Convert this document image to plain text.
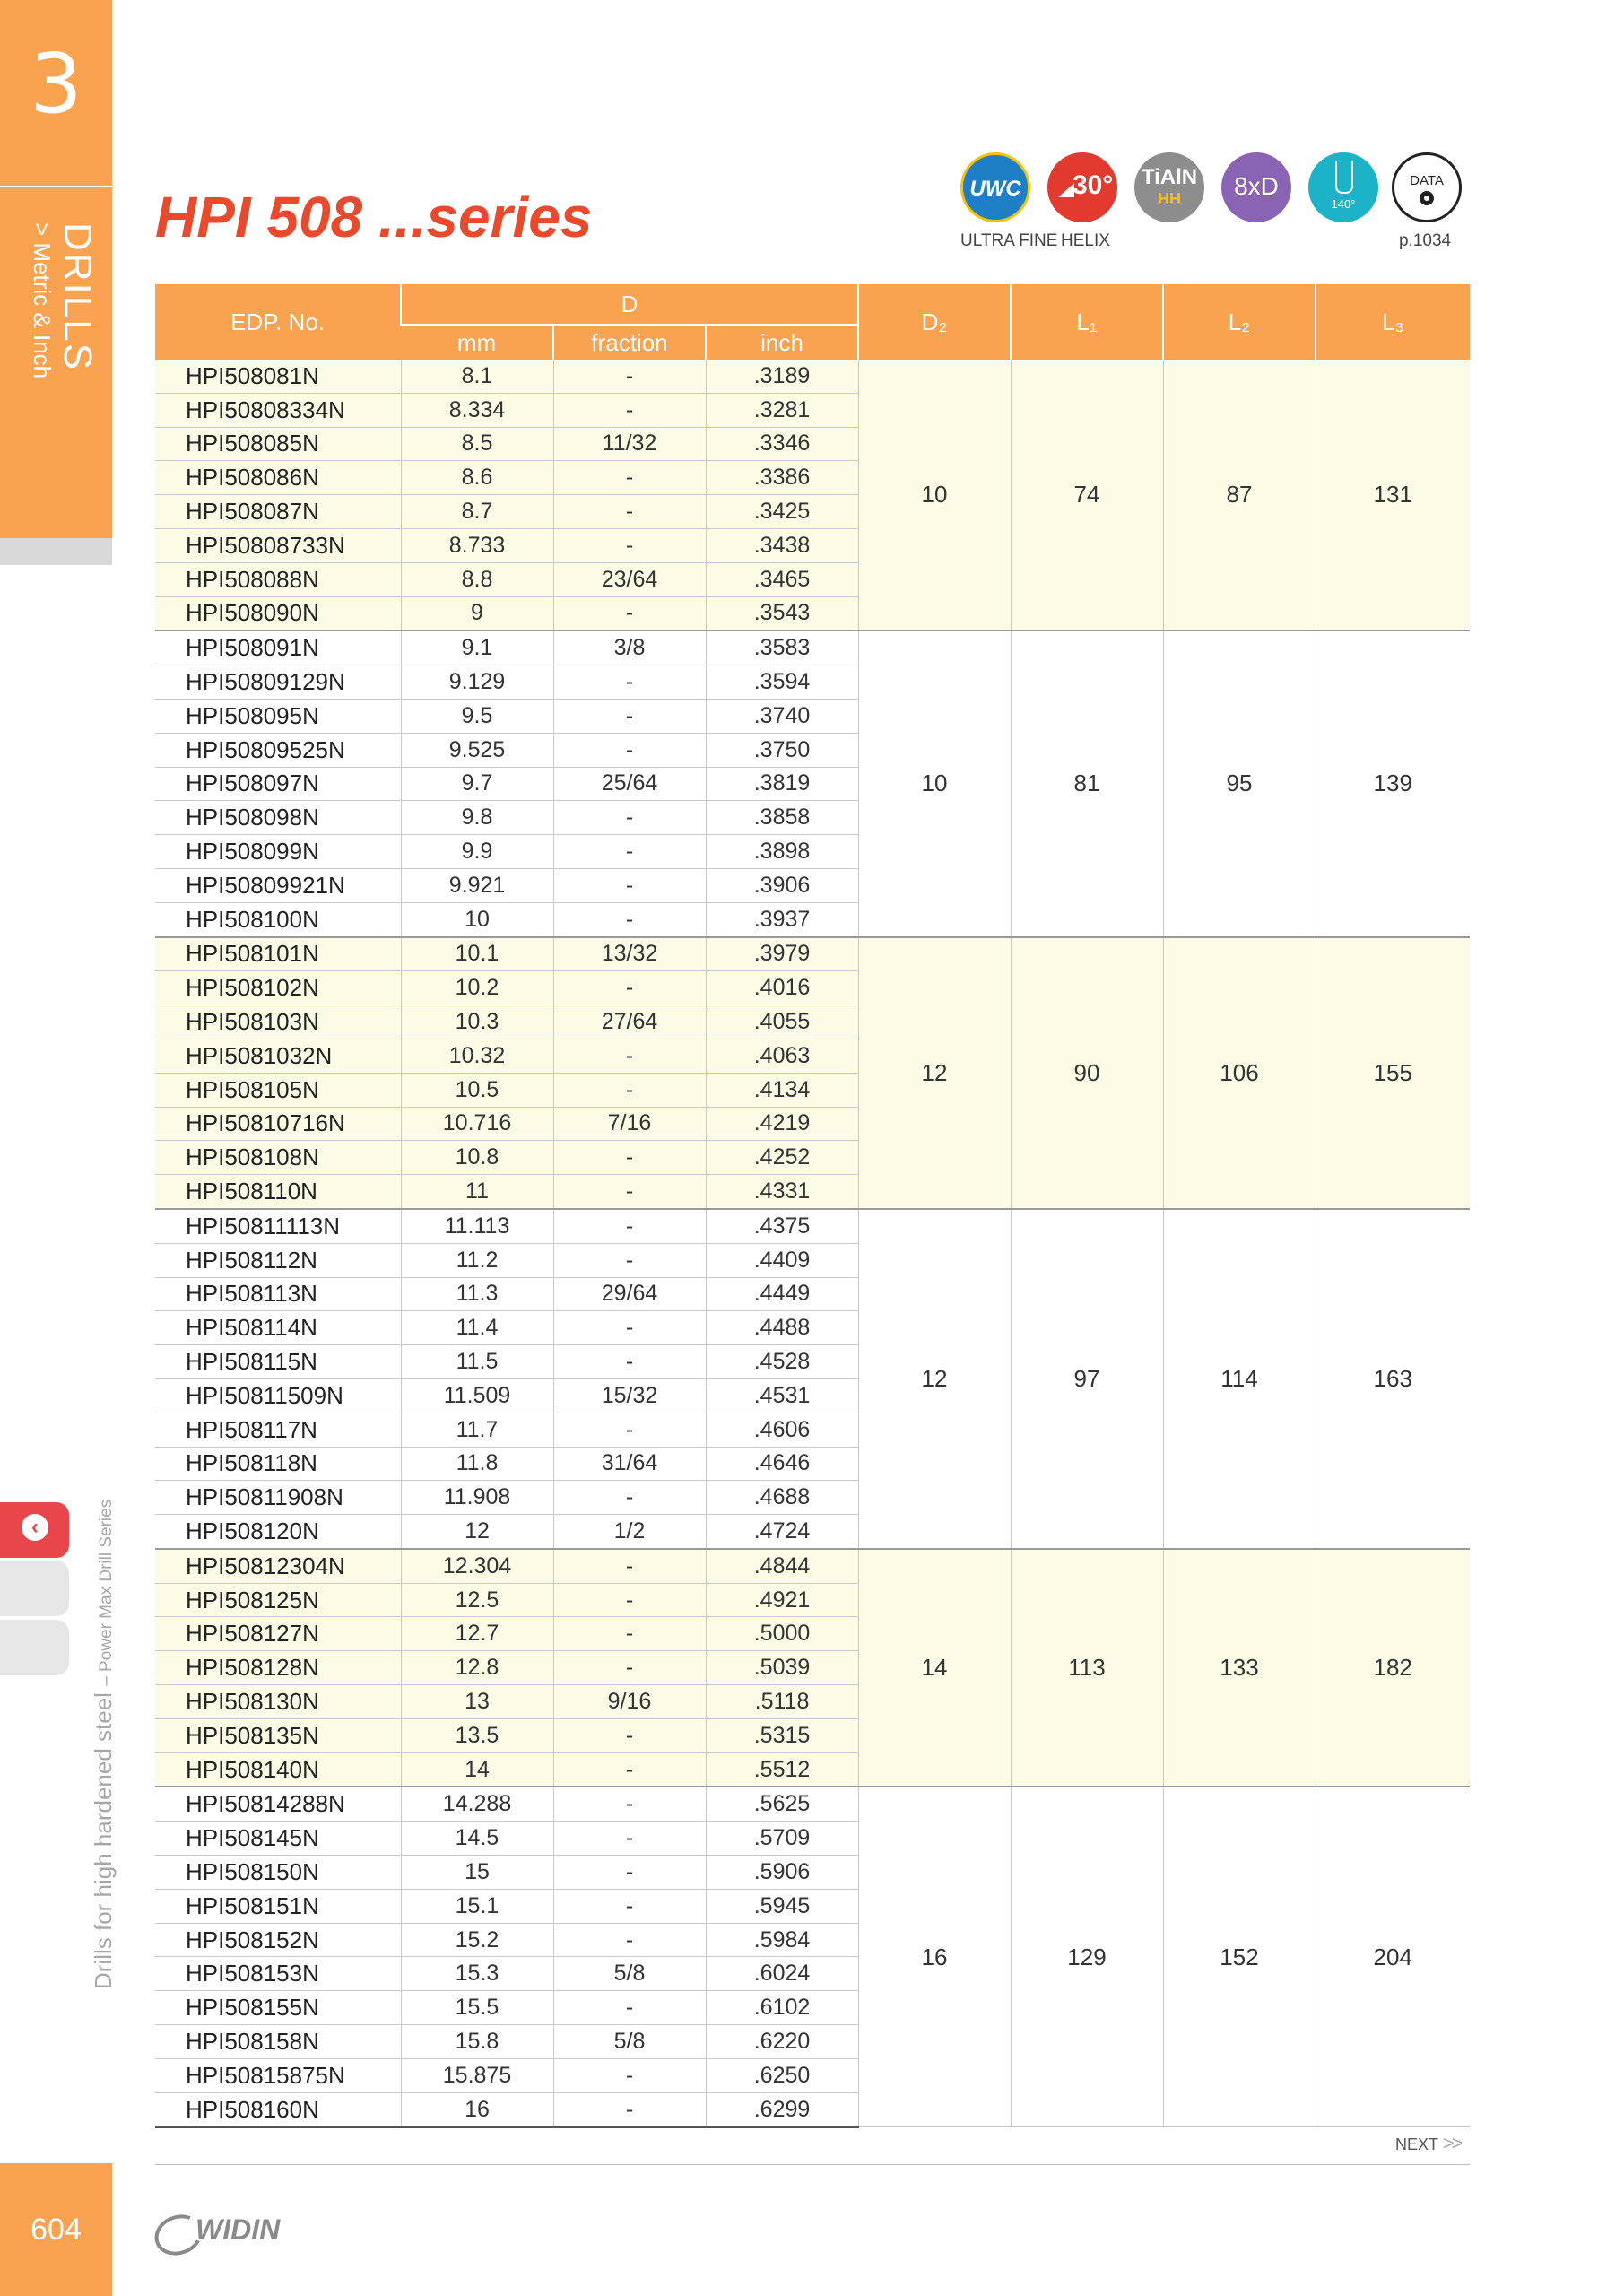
3
DRILLS
> Metric & Inch
‹
Drills for high hardened steel – Power Max Drill Series
604
HPI 508 ...series	UWC
ULTRA FINE
30°
HELIX
TiAlN
HH	8xD
140°
DATA
p.1034
EDP. No.	D			D₂	L₁	L₂	L₃
	mm	fraction	inch				
HPI508081N	8.1	-	.3189	10	74	87	131
HPI50808334N	8.334	-	.3281				
HPI508085N	8.5	11/32	.3346				
HPI508086N	8.6	-	.3386				
HPI508087N	8.7	-	.3425				
HPI50808733N	8.733	-	.3438				
HPI508088N	8.8	23/64	.3465				
HPI508090N	9	-	.3543				
HPI508091N	9.1	3/8	.3583	10	81	95	139
HPI50809129N	9.129	-	.3594				
HPI508095N	9.5	-	.3740				
HPI50809525N	9.525	-	.3750				
HPI508097N	9.7	25/64	.3819				
HPI508098N	9.8	-	.3858				
HPI508099N	9.9	-	.3898				
HPI50809921N	9.921	-	.3906				
HPI508100N	10	-	.3937				
HPI508101N	10.1	13/32	.3979	12	90	106	155
HPI508102N	10.2	-	.4016				
HPI508103N	10.3	27/64	.4055				
HPI5081032N	10.32	-	.4063				
HPI508105N	10.5	-	.4134				
HPI50810716N	10.716	7/16	.4219				
HPI508108N	10.8	-	.4252				
HPI508110N	11	-	.4331				
HPI50811113N	11.113	-	.4375	12	97	114	163
HPI508112N	11.2	-	.4409				
HPI508113N	11.3	29/64	.4449				
HPI508114N	11.4	-	.4488				
HPI508115N	11.5	-	.4528				
HPI50811509N	11.509	15/32	.4531				
HPI508117N	11.7	-	.4606				
HPI508118N	11.8	31/64	.4646				
HPI50811908N	11.908	-	.4688				
HPI508120N	12	1/2	.4724				
HPI50812304N	12.304	-	.4844	14	113	133	182
HPI508125N	12.5	-	.4921				
HPI508127N	12.7	-	.5000				
HPI508128N	12.8	-	.5039				
HPI508130N	13	9/16	.5118				
HPI508135N	13.5	-	.5315				
HPI508140N	14	-	.5512				
HPI50814288N	14.288	-	.5625	16	129	152	204
HPI508145N	14.5	-	.5709				
HPI508150N	15	-	.5906				
HPI508151N	15.1	-	.5945				
HPI508152N	15.2	-	.5984				
HPI508153N	15.3	5/8	.6024				
HPI508155N	15.5	-	.6102				
HPI508158N	15.8	5/8	.6220				
HPI50815875N	15.875	-	.6250				
HPI508160N	16	-	.6299				
NEXT >>
WIDIN
